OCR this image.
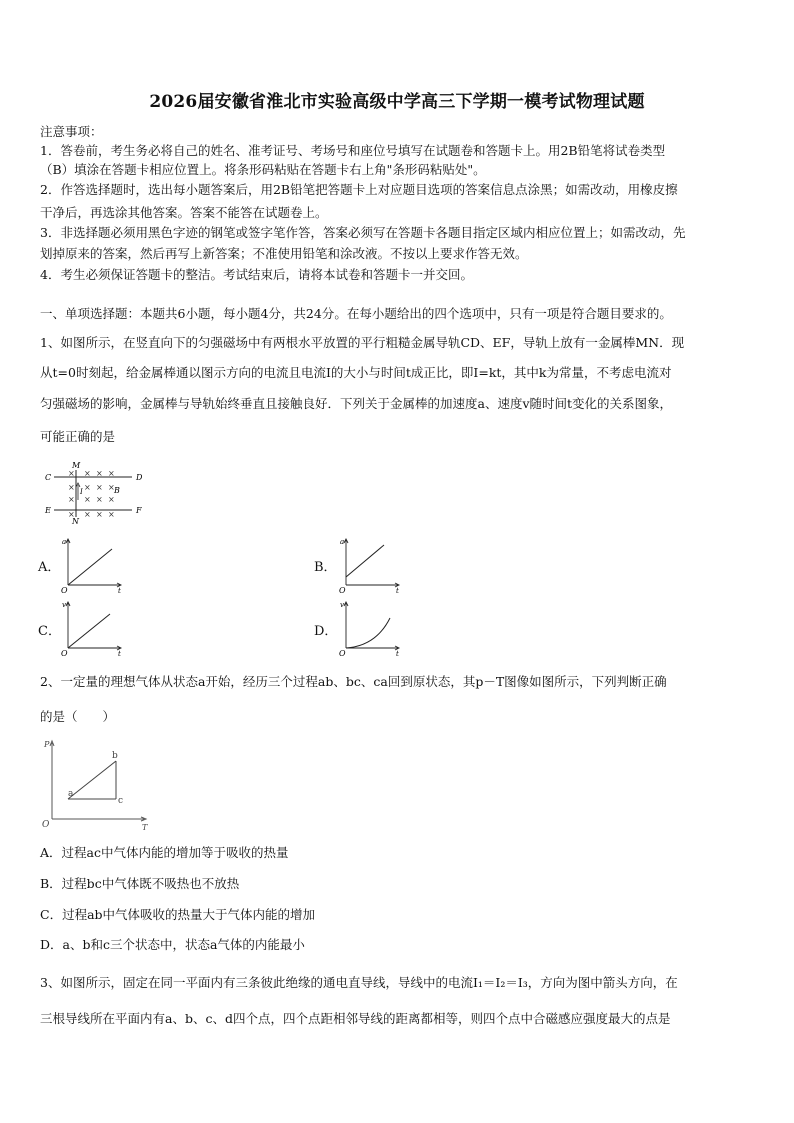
2026届安徽省淮北市实验高级中学高三下学期一模考试物理试题
注意事项：
1．答卷前，考生务必将自己的姓名、准考证号、考场号和座位号填写在试题卷和答题卡上。用2B铅笔将试卷类型
（B）填涂在答题卡相应位置上。将条形码粘贴在答题卡右上角"条形码粘贴处"。
2．作答选择题时，选出每小题答案后，用2B铅笔把答题卡上对应题目选项的答案信息点涂黑；如需改动，用橡皮擦
干净后，再选涂其他答案。答案不能答在试题卷上。
3．非选择题必须用黑色字迹的钢笔或签字笔作答，答案必须写在答题卡各题目指定区域内相应位置上；如需改动，先
划掉原来的答案，然后再写上新答案；不准使用铅笔和涂改液。不按以上要求作答无效。
4．考生必须保证答题卡的整洁。考试结束后，请将本试卷和答题卡一并交回。
一、单项选择题：本题共6小题，每小题4分，共24分。在每小题给出的四个选项中，只有一项是符合题目要求的。
1、如图所示，在竖直向下的匀强磁场中有两根水平放置的平行粗糙金属导轨CD、EF，导轨上放有一金属棒MN．现
从t=0时刻起，给金属棒通以图示方向的电流且电流I的大小与时间t成正比，即I=kt，其中k为常量，不考虑电流对
匀强磁场的影响，金属棒与导轨始终垂直且接触良好．下列关于金属棒的加速度a、速度v随时间t变化的关系图象，
可能正确的是
× × × ×
× × × ×
× × × ×
× × × ×
C	D
E	F
M
N
B
I
A．
a
t
O
B．
a
t
O
C．
v
t
O
D．
v
t
O
2、一定量的理想气体从状态a开始，经历三个过程ab、bc、ca回到原状态，其p－T图像如图所示，下列判断正确
的是（　　）
P
T
O
a
b
c
A．过程ac中气体内能的增加等于吸收的热量
B．过程bc中气体既不吸热也不放热
C．过程ab中气体吸收的热量大于气体内能的增加
D．a、b和c三个状态中，状态a气体的内能最小
3、如图所示，固定在同一平面内有三条彼此绝缘的通电直导线，导线中的电流I₁＝I₂＝I₃，方向为图中箭头方向，在
三根导线所在平面内有a、b、c、d四个点，四个点距相邻导线的距离都相等，则四个点中合磁感应强度最大的点是
